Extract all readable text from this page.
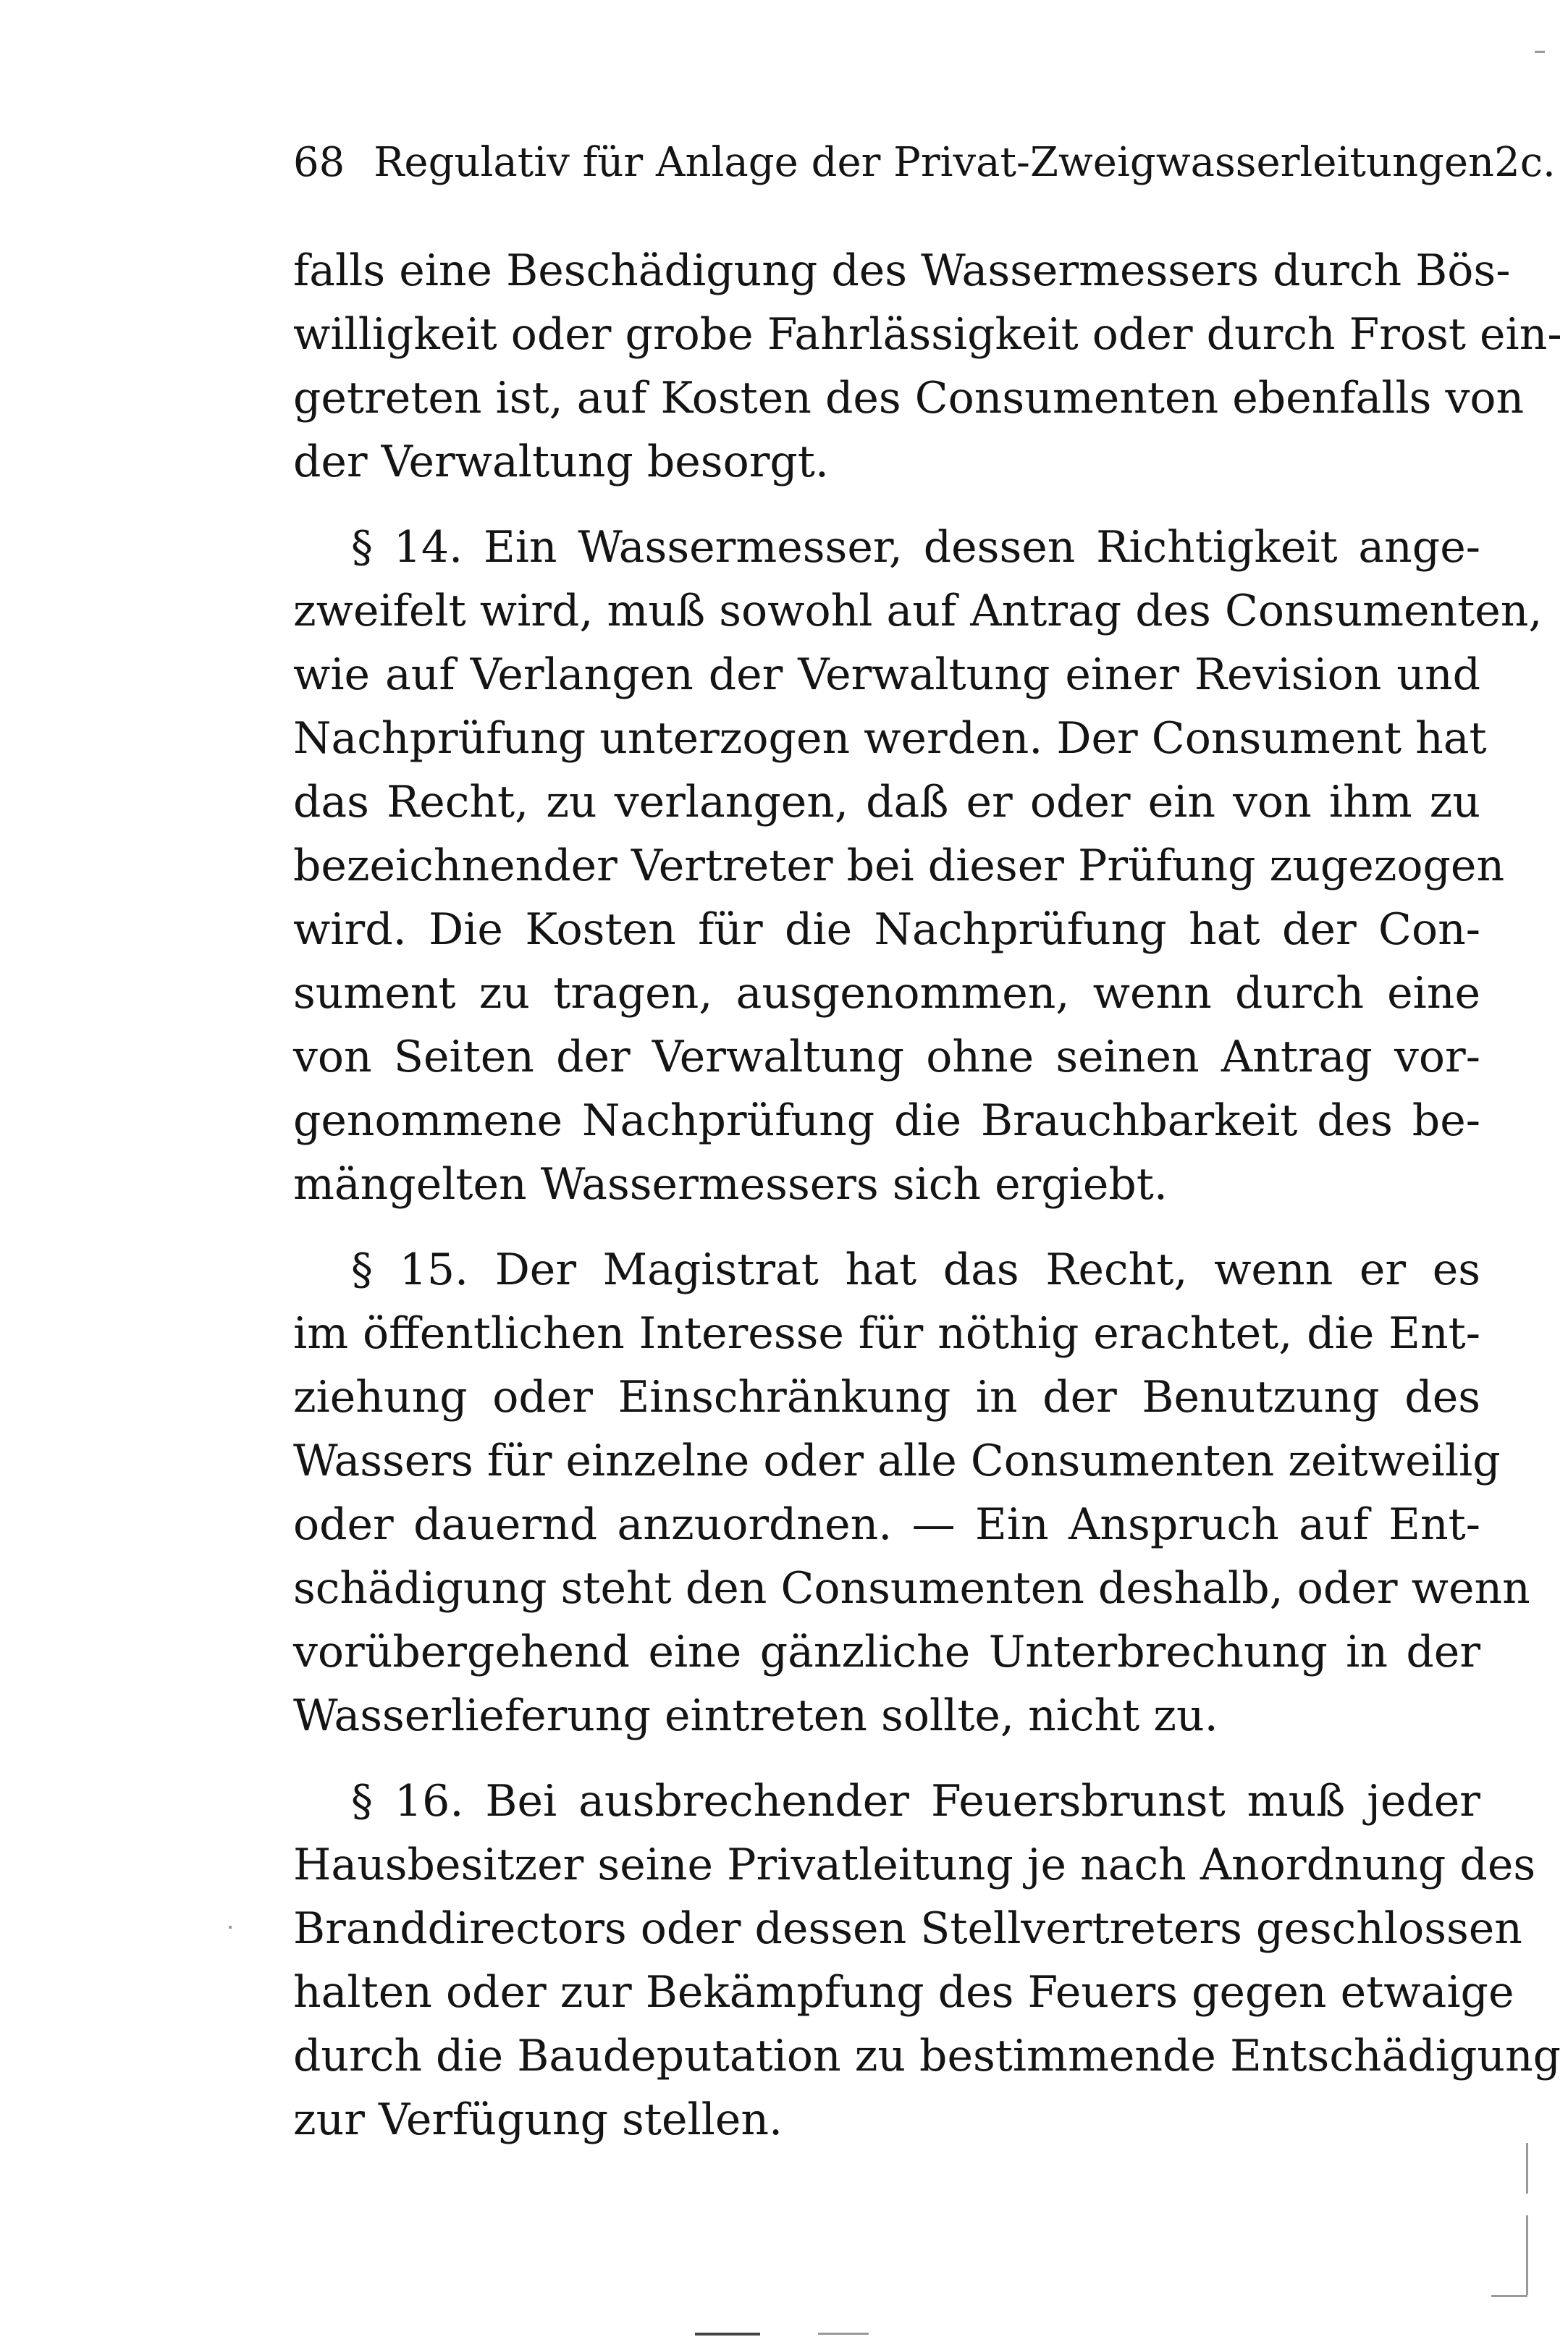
68 Regulativ für Anlage der Privat-Zweigwasserleitungen 2c.
falls eine Beschädigung des Wassermessers durch Bös-
willigkeit oder grobe Fahrlässigkeit oder durch Frost ein-
getreten ist, auf Kosten des Consumenten ebenfalls von
der Verwaltung besorgt.
§ 14. Ein Wassermesser, dessen Richtigkeit ange-
zweifelt wird, muß sowohl auf Antrag des Consumenten,
wie auf Verlangen der Verwaltung einer Revision und
Nachprüfung unterzogen werden. Der Consument hat
das Recht, zu verlangen, daß er oder ein von ihm zu
bezeichnender Vertreter bei dieser Prüfung zugezogen
wird. Die Kosten für die Nachprüfung hat der Con-
sument zu tragen, ausgenommen, wenn durch eine
von Seiten der Verwaltung ohne seinen Antrag vor-
genommene Nachprüfung die Brauchbarkeit des be-
mängelten Wassermessers sich ergiebt.
§ 15. Der Magistrat hat das Recht, wenn er es
im öffentlichen Interesse für nöthig erachtet, die Ent-
ziehung oder Einschränkung in der Benutzung des
Wassers für einzelne oder alle Consumenten zeitweilig
oder dauernd anzuordnen. — Ein Anspruch auf Ent-
schädigung steht den Consumenten deshalb, oder wenn
vorübergehend eine gänzliche Unterbrechung in der
Wasserlieferung eintreten sollte, nicht zu.
§ 16. Bei ausbrechender Feuersbrunst muß jeder
Hausbesitzer seine Privatleitung je nach Anordnung des
Branddirectors oder dessen Stellvertreters geschlossen
halten oder zur Bekämpfung des Feuers gegen etwaige
durch die Baudeputation zu bestimmende Entschädigung
zur Verfügung stellen.
